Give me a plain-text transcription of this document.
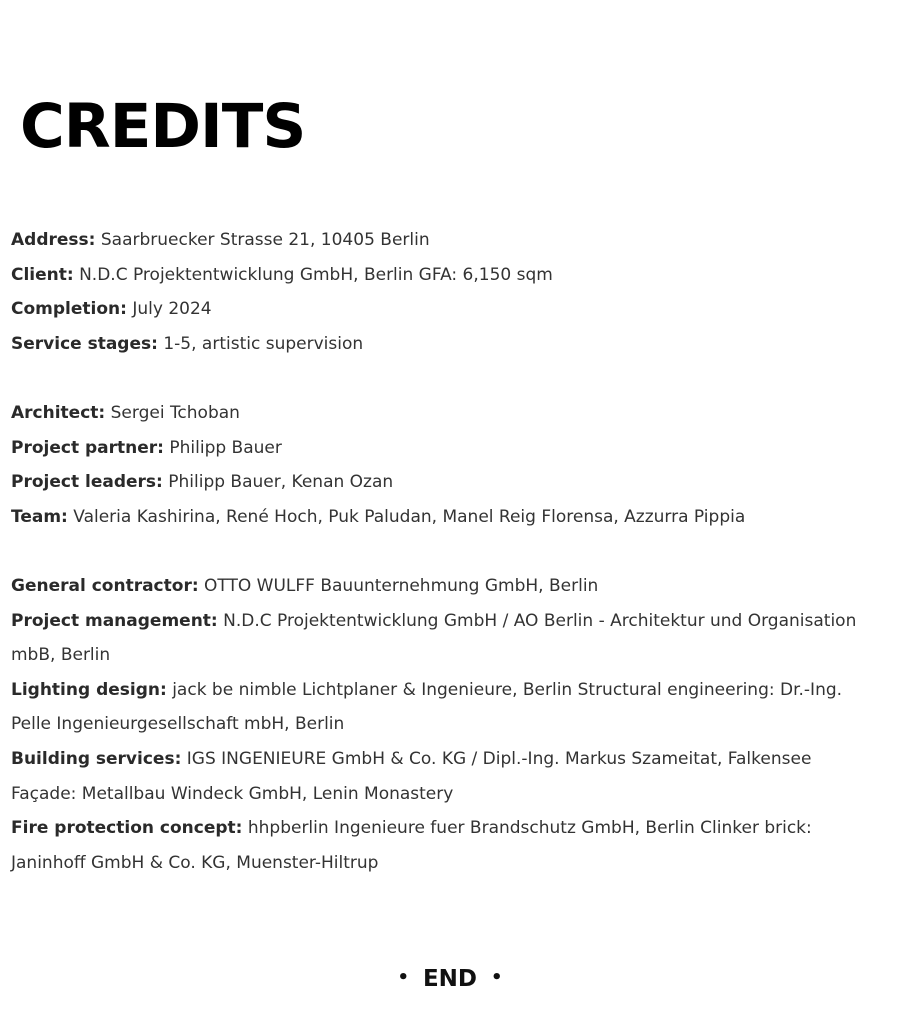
CREDITS

Address: Saarbruecker Strasse 21, 10405 Berlin

Client: N.D.C Projektentwicklung GmbH, Berlin GFA: 6,150 sqm

Completion: July 2024

Service stages: 1-5, artistic supervision

Architect: Sergei Tchoban

Project partner: Philipp Bauer

Project leaders: Philipp Bauer, Kenan Ozan

Team: Valeria Kashirina, René Hoch, Puk Paludan, Manel Reig Florensa, Azzurra Pippia

General contractor: OTTO WULFF Bauunternehmung GmbH, Berlin

Project management: N.D.C Projektentwicklung GmbH / AO Berlin - Architektur und Organisation mbB, Berlin

Lighting design: jack be nimble Lichtplaner & Ingenieure, Berlin Structural engineering: Dr.-Ing. Pelle Ingenieurgesellschaft mbH, Berlin

Building services: IGS INGENIEURE GmbH & Co. KG / Dipl.-Ing. Markus Szameitat, Falkensee Façade: Metallbau Windeck GmbH, Lenin Monastery

Fire protection concept: hhpberlin Ingenieure fuer Brandschutz GmbH, Berlin Clinker brick: Janinhoff GmbH & Co. KG, Muenster-Hiltrup

• END •
